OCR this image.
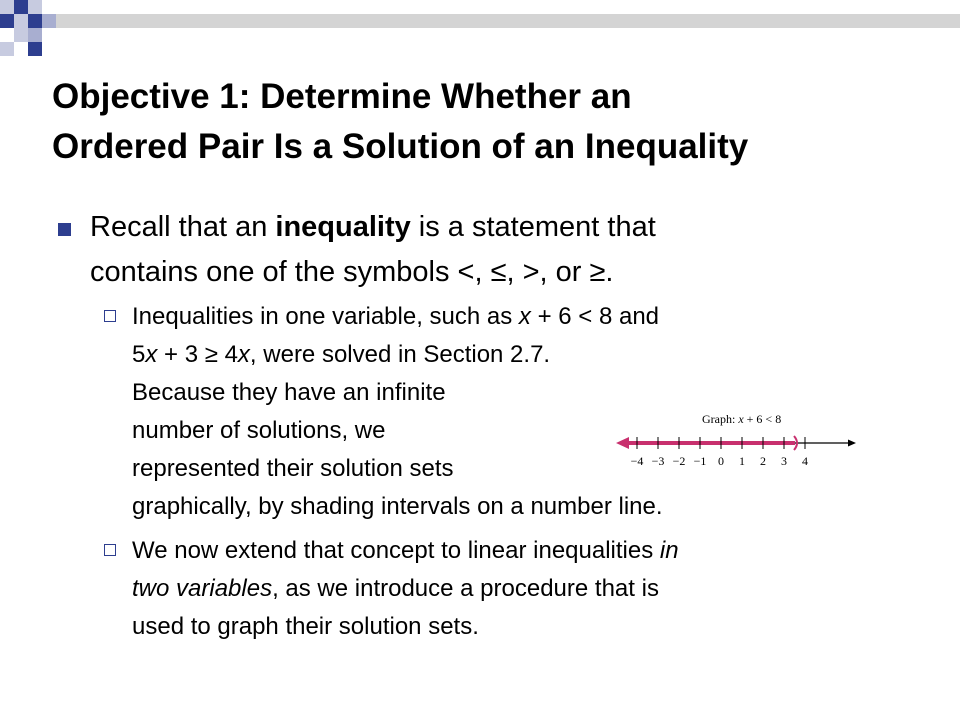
Objective 1: Determine Whether an
Ordered Pair Is a Solution of an Inequality
Recall that an inequality is a statement that
contains one of the symbols <, ≤, >, or ≥.
Inequalities in one variable, such as x + 6 < 8 and
5x + 3 ≥ 4x, were solved in Section 2.7.
Because they have an infinite
number of solutions, we
represented their solution sets
graphically, by shading intervals on a number line.
Graph: x + 6 < 8
−4 −3 −2 −1 0 1 2 3 4
We now extend that concept to linear inequalities in
two variables, as we introduce a procedure that is
used to graph their solution sets.
